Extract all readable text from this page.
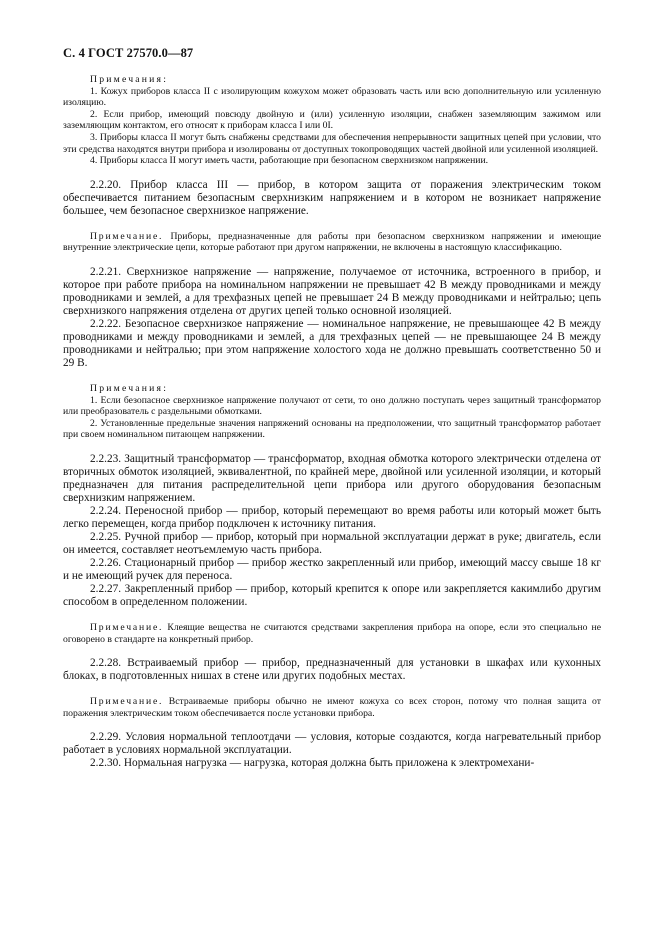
С. 4 ГОСТ 27570.0—87

Примечания:

1. Кожух приборов класса II с изолирующим кожухом может образовать часть или всю дополнительную или усиленную изоляцию.

2. Если прибор, имеющий повсюду двойную и (или) усиленную изоляции, снабжен заземляющим зажимом или заземляющим контактом, его относят к приборам класса I или 0I.

3. Приборы класса II могут быть снабжены средствами для обеспечения непрерывности защитных цепей при условии, что эти средства находятся внутри прибора и изолированы от доступных токопроводящих частей двойной или усиленной изоляцией.

4. Приборы класса II могут иметь части, работающие при безопасном сверхнизком напряжении.

2.2.20. Прибор класса III — прибор, в котором защита от поражения электрическим током обеспечивается питанием безопасным сверхнизким напряжением и в котором не возникает напряжение большее, чем безопасное сверхнизкое напряжение.

Примечание. Приборы, предназначенные для работы при безопасном сверхнизком напряжении и имеющие внутренние электрические цепи, которые работают при другом напряжении, не включены в настоящую классификацию.

2.2.21. Сверхнизкое напряжение — напряжение, получаемое от источника, встроенного в прибор, и которое при работе прибора на номинальном напряжении не превышает 42 В между проводниками и между проводниками и землей, а для трехфазных цепей не превышает 24 В между проводниками и нейтралью; цепь сверхнизкого напряжения отделена от других цепей только основной изоляцией.

2.2.22. Безопасное сверхнизкое напряжение — номинальное напряжение, не превышающее 42 В между проводниками и между проводниками и землей, а для трехфазных цепей — не превышающее 24 В между проводниками и нейтралью; при этом напряжение холостого хода не должно превышать соответственно 50 и 29 В.

Примечания:

1. Если безопасное сверхнизкое напряжение получают от сети, то оно должно поступать через защитный трансформатор или преобразователь с раздельными обмотками.

2. Установленные предельные значения напряжений основаны на предположении, что защитный трансформатор работает при своем номинальном питающем напряжении.

2.2.23. Защитный трансформатор — трансформатор, входная обмотка которого электрически отделена от вторичных обмоток изоляцией, эквивалентной, по крайней мере, двойной или усиленной изоляции, и который предназначен для питания распределительной цепи прибора или другого оборудования безопасным сверхнизким напряжением.

2.2.24. Переносной прибор — прибор, который перемещают во время работы или который может быть легко перемещен, когда прибор подключен к источнику питания.

2.2.25. Ручной прибор — прибор, который при нормальной эксплуатации держат в руке; двигатель, если он имеется, составляет неотъемлемую часть прибора.

2.2.26. Стационарный прибор — прибор жестко закрепленный или прибор, имеющий массу свыше 18 кг и не имеющий ручек для переноса.

2.2.27. Закрепленный прибор — прибор, который крепится к опоре или закрепляется какимлибо другим способом в определенном положении.

Примечание. Клеящие вещества не считаются средствами закрепления прибора на опоре, если это специально не оговорено в стандарте на конкретный прибор.

2.2.28. Встраиваемый прибор — прибор, предназначенный для установки в шкафах или кухонных блоках, в подготовленных нишах в стене или других подобных местах.

Примечание. Встраиваемые приборы обычно не имеют кожуха со всех сторон, потому что полная защита от поражения электрическим током обеспечивается после установки прибора.

2.2.29. Условия нормальной теплоотдачи — условия, которые создаются, когда нагревательный прибор работает в условиях нормальной эксплуатации.

2.2.30. Нормальная нагрузка — нагрузка, которая должна быть приложена к электромехани-
